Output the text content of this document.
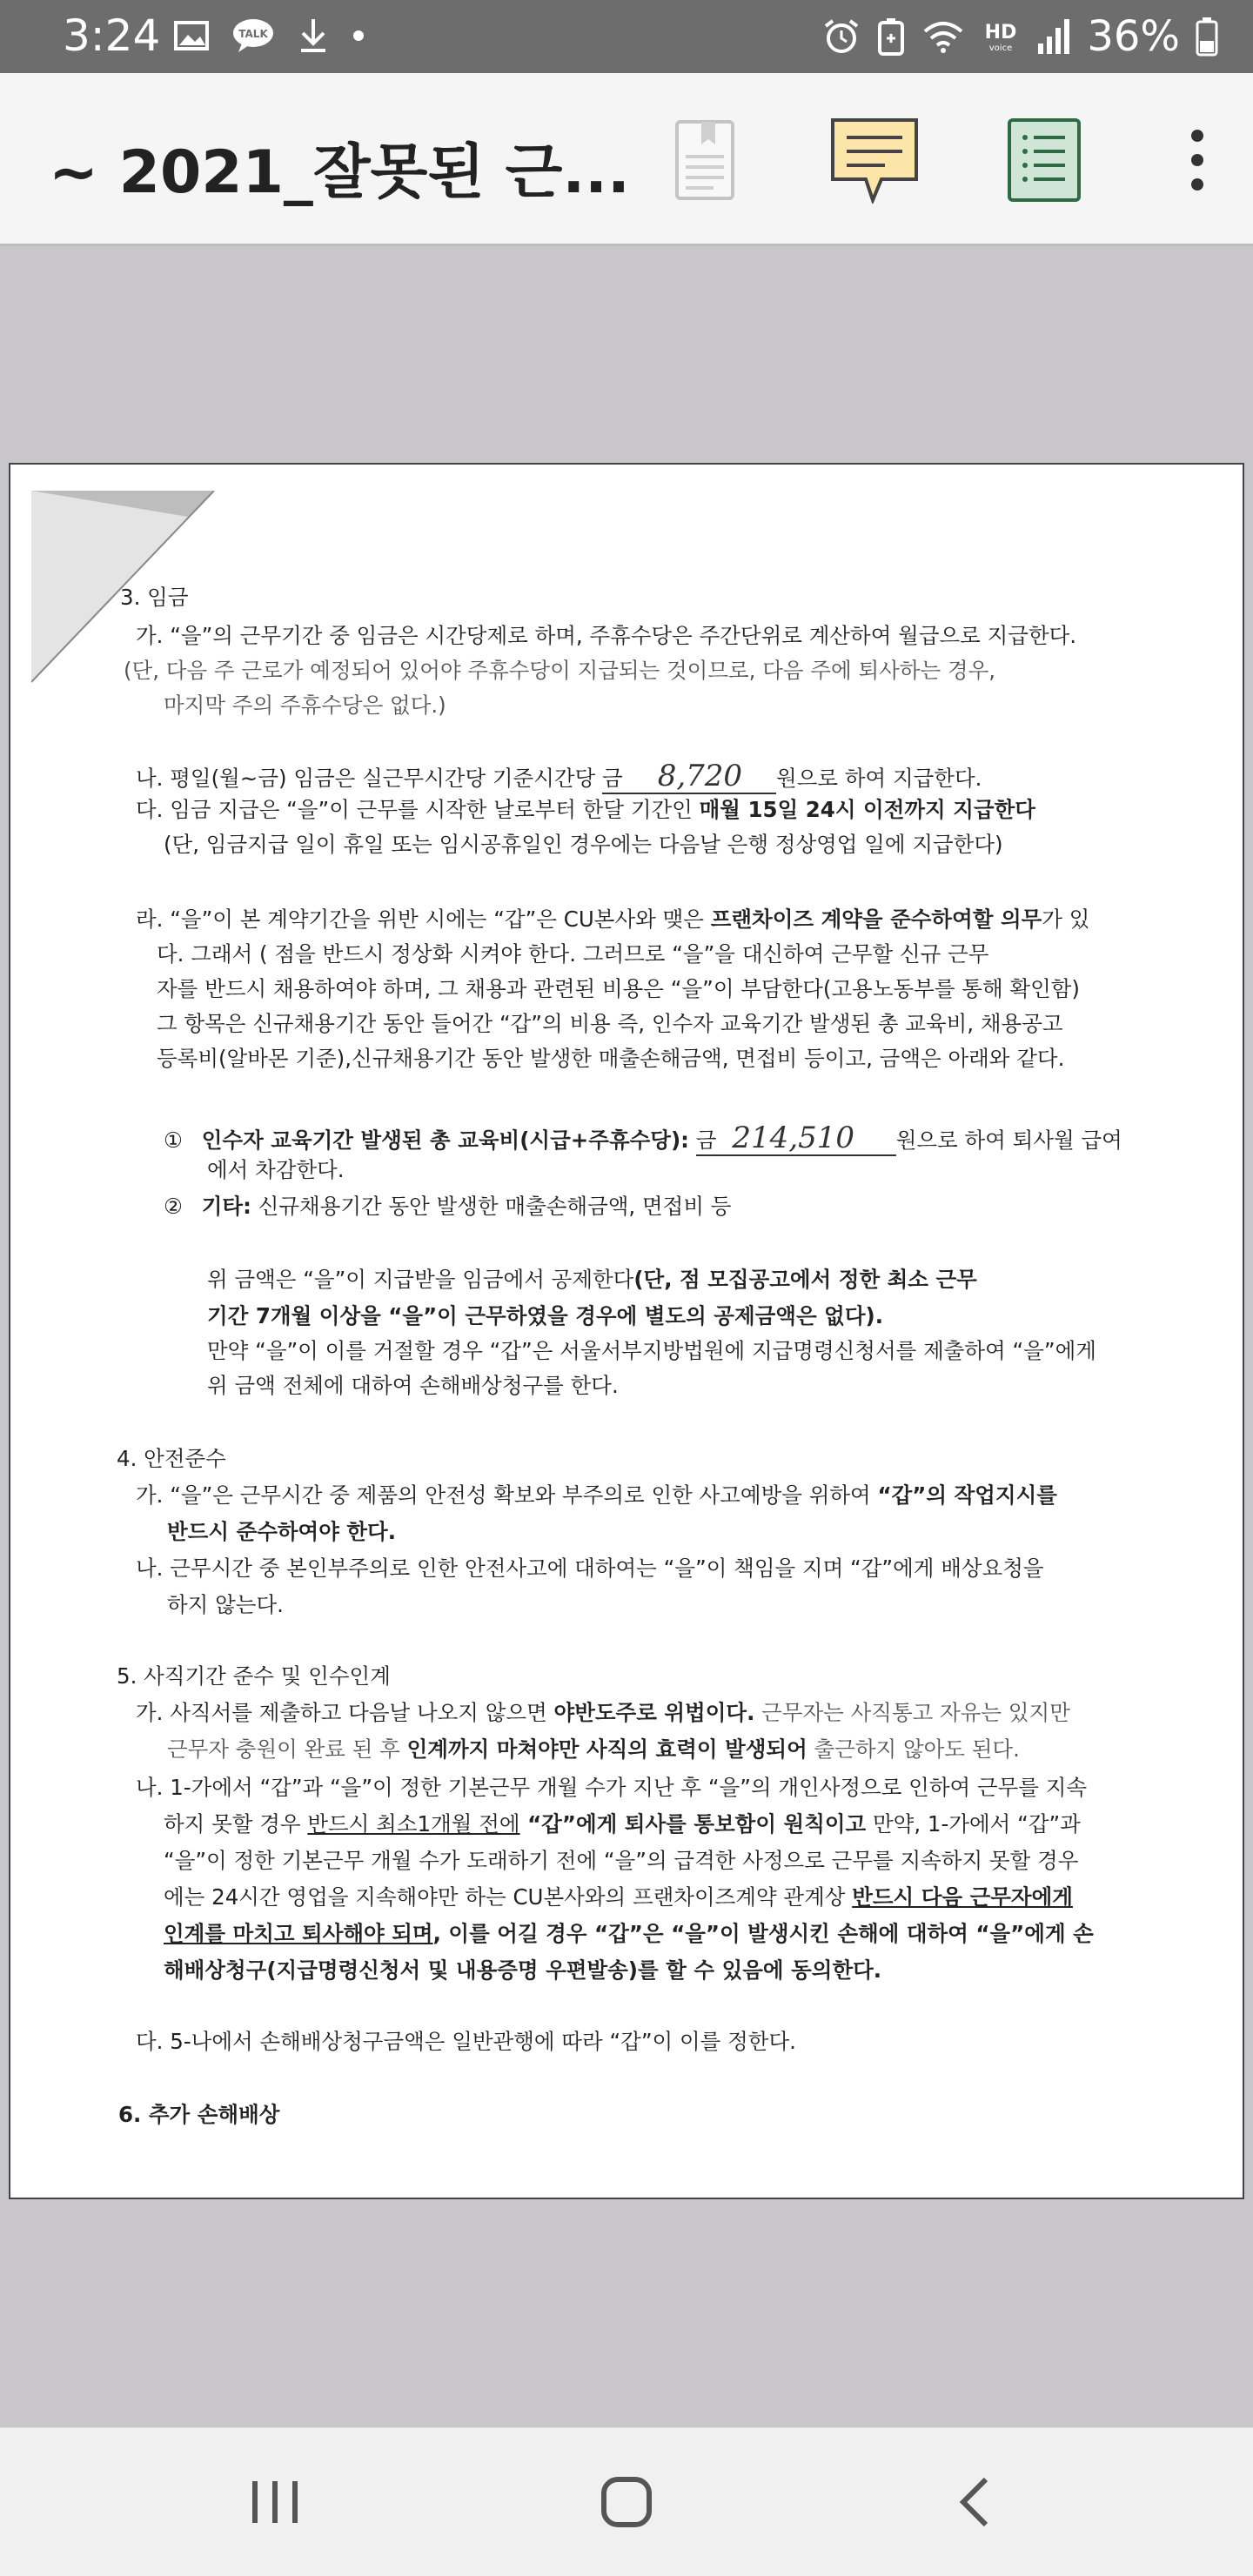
3:24	TALK	HD
voice 36%
~ 2021_잘못된 근...
3. 임금
가. “을”의 근무기간 중 임금은 시간당제로 하며, 주휴수당은 주간단위로 계산하여 월급으로 지급한다.
(단, 다음 주 근로가 예정되어 있어야 주휴수당이 지급되는 것이므로, 다음 주에 퇴사하는 경우,
마지막 주의 주휴수당은 없다.)
나. 평일(월~금) 임금은 실근무시간당 기준시간당 금 8,720 원으로 하여 지급한다.
다. 임금 지급은 “을”이 근무를 시작한 날로부터 한달 기간인 매월 15일 24시 이전까지 지급한다
(단, 임금지급 일이 휴일 또는 임시공휴일인 경우에는 다음날 은행 정상영업 일에 지급한다)
라. “을”이 본 계약기간을 위반 시에는 “갑”은 CU본사와 맺은 프랜차이즈 계약을 준수하여할 의무가 있
다. 그래서 ( 점을 반드시 정상화 시켜야 한다. 그러므로 “을”을 대신하여 근무할 신규 근무
자를 반드시 채용하여야 하며, 그 채용과 관련된 비용은 “을”이 부담한다(고용노동부를 통해 확인함)
그 항목은 신규채용기간 동안 들어간 “갑”의 비용 즉, 인수자 교육기간 발생된 총 교육비, 채용공고
등록비(알바몬 기준),신규채용기간 동안 발생한 매출손해금액, 면접비 등이고, 금액은 아래와 같다.
① 인수자 교육기간 발생된 총 교육비(시급+주휴수당): 금 214,510 원으로 하여 퇴사월 급여
에서 차감한다.
② 기타: 신규채용기간 동안 발생한 매출손해금액, 면접비 등
위 금액은 “을”이 지급받을 임금에서 공제한다(단, 점 모집공고에서 정한 최소 근무
기간 7개월 이상을 “을”이 근무하였을 경우에 별도의 공제금액은 없다).
만약 “을”이 이를 거절할 경우 “갑”은 서울서부지방법원에 지급명령신청서를 제출하여 “을”에게
위 금액 전체에 대하여 손해배상청구를 한다.
4. 안전준수
가. “을”은 근무시간 중 제품의 안전성 확보와 부주의로 인한 사고예방을 위하여 “갑”의 작업지시를
반드시 준수하여야 한다.
나. 근무시간 중 본인부주의로 인한 안전사고에 대하여는 “을”이 책임을 지며 “갑”에게 배상요청을
하지 않는다.
5. 사직기간 준수 및 인수인계
가. 사직서를 제출하고 다음날 나오지 않으면 야반도주로 위법이다. 근무자는 사직통고 자유는 있지만
근무자 충원이 완료 된 후 인계까지 마쳐야만 사직의 효력이 발생되어 출근하지 않아도 된다.
나. 1-가에서 “갑”과 “을”이 정한 기본근무 개월 수가 지난 후 “을”의 개인사정으로 인하여 근무를 지속
하지 못할 경우 반드시 최소1개월 전에 “갑”에게 퇴사를 통보함이 원칙이고 만약, 1-가에서 “갑”과
“을”이 정한 기본근무 개월 수가 도래하기 전에 “을”의 급격한 사정으로 근무를 지속하지 못할 경우
에는 24시간 영업을 지속해야만 하는 CU본사와의 프랜차이즈계약 관계상 반드시 다음 근무자에게
인계를 마치고 퇴사해야 되며, 이를 어길 경우 “갑”은 “을”이 발생시킨 손해에 대하여 “을”에게 손
해배상청구(지급명령신청서 및 내용증명 우편발송)를 할 수 있음에 동의한다.
다. 5-나에서 손해배상청구금액은 일반관행에 따라 “갑”이 이를 정한다.
6. 추가 손해배상
